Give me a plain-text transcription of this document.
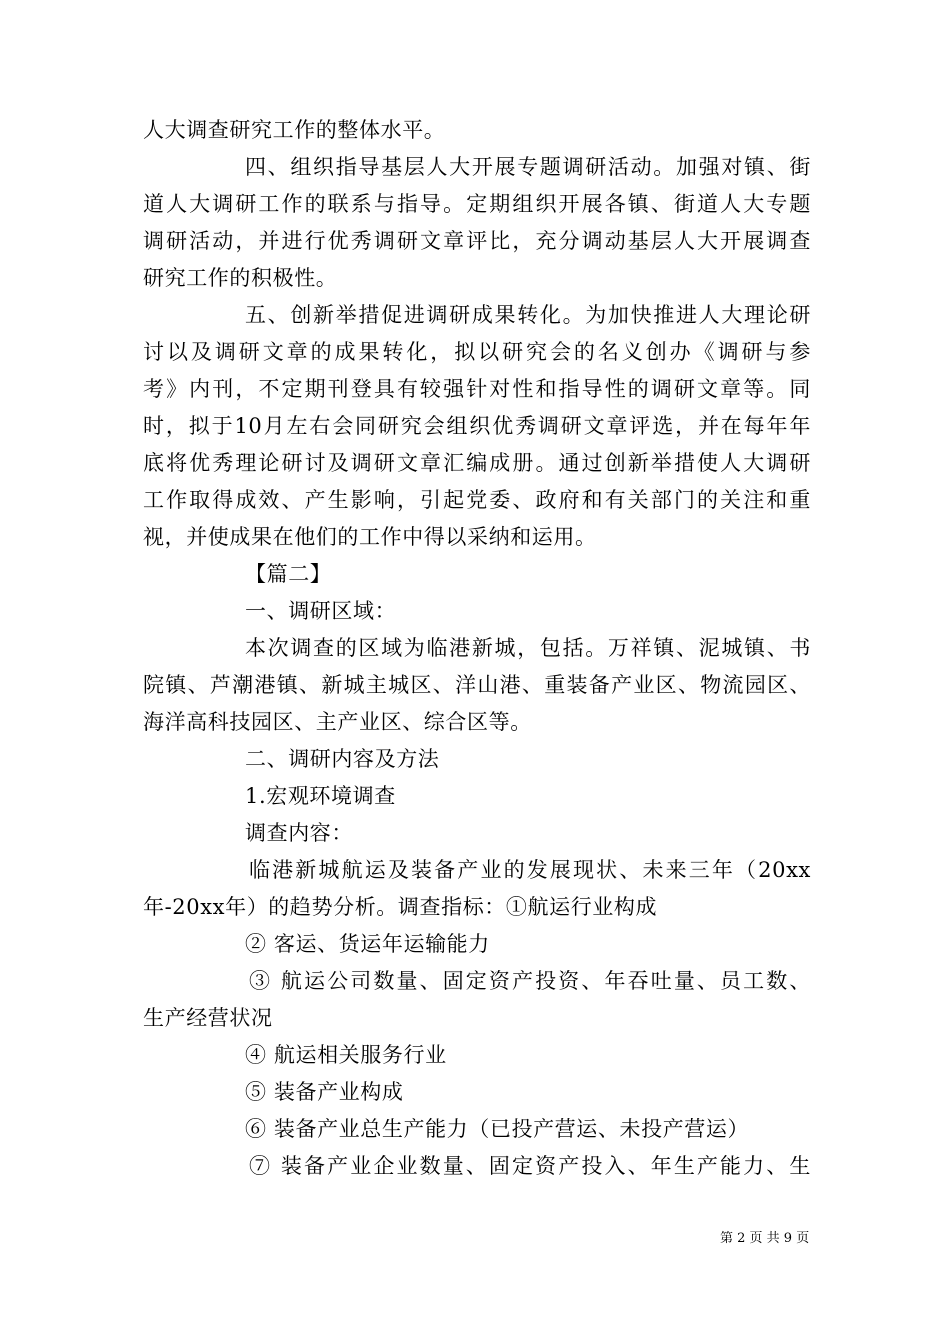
人大调查研究工作的整体水平。
四、组织指导基层人大开展专题调研活动。加强对镇、街
道人大调研工作的联系与指导。定期组织开展各镇、街道人大专题
调研活动，并进行优秀调研文章评比，充分调动基层人大开展调查
研究工作的积极性。
五、创新举措促进调研成果转化。为加快推进人大理论研
讨以及调研文章的成果转化，拟以研究会的名义创办《调研与参
考》内刊，不定期刊登具有较强针对性和指导性的调研文章等。同
时，拟于10月左右会同研究会组织优秀调研文章评选，并在每年年
底将优秀理论研讨及调研文章汇编成册。通过创新举措使人大调研
工作取得成效、产生影响，引起党委、政府和有关部门的关注和重
视，并使成果在他们的工作中得以采纳和运用。
【篇二】
一、调研区域：
本次调查的区域为临港新城，包括。万祥镇、泥城镇、书
院镇、芦潮港镇、新城主城区、洋山港、重装备产业区、物流园区、
海洋高科技园区、主产业区、综合区等。
二、调研内容及方法
1.宏观环境调查
调查内容：
临港新城航运及装备产业的发展现状、未来三年（20xx
年-20xx年）的趋势分析。调查指标：①航运行业构成
② 客运、货运年运输能力
③ 航运公司数量、固定资产投资、年吞吐量、员工数、
生产经营状况
④ 航运相关服务行业
⑤ 装备产业构成
⑥ 装备产业总生产能力（已投产营运、未投产营运）
⑦ 装备产业企业数量、固定资产投入、年生产能力、生
第 2 页 共 9 页
